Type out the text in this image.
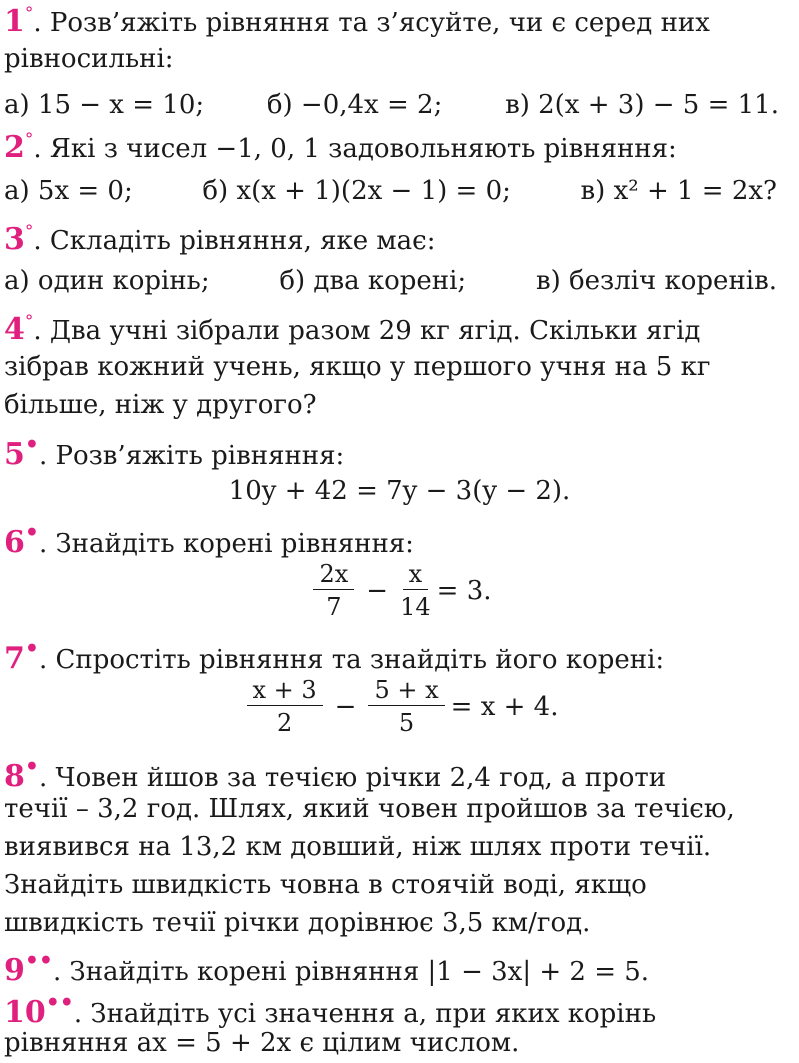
1°. Розв’яжіть рівняння та з’ясуйте, чи є серед них
рівносильні:
а) 15 − x = 10; б) −0,4x = 2; в) 2(x + 3) − 5 = 11.
2°. Які з чисел −1, 0, 1 задовольняють рівняння:
а) 5x = 0;	б) x(x + 1)(2x − 1) = 0;	в) x² + 1 = 2x?
3°. Складіть рівняння, яке має:
а) один корінь;	б) два корені;	в) безліч коренів.
4°. Два учні зібрали разом 29 кг ягід. Скільки ягід
зібрав кожний учень, якщо у першого учня на 5 кг
більше, ніж у другого?
5•. Розв’яжіть рівняння:
10y + 42 = 7y − 3(y − 2).
6•. Знайдіть корені рівняння:
$\frac{2x}{7} - \frac{x}{14} = 3$.
7•. Спростіть рівняння та знайдіть його корені:
$\frac{x + 3}{2} - \frac{5 + x}{5} = x + 4$.
8•. Човен йшов за течією річки 2,4 год, а проти
течії – 3,2 год. Шлях, який човен пройшов за течією,
виявився на 13,2 км довший, ніж шлях проти течії.
Знайдіть швидкість човна в стоячій воді, якщо
швидкість течії річки дорівнює 3,5 км/год.
9••. Знайдіть корені рівняння |1 − 3x| + 2 = 5.
10••. Знайдіть усі значення a, при яких корінь
рівняння ax = 5 + 2x є цілим числом.
